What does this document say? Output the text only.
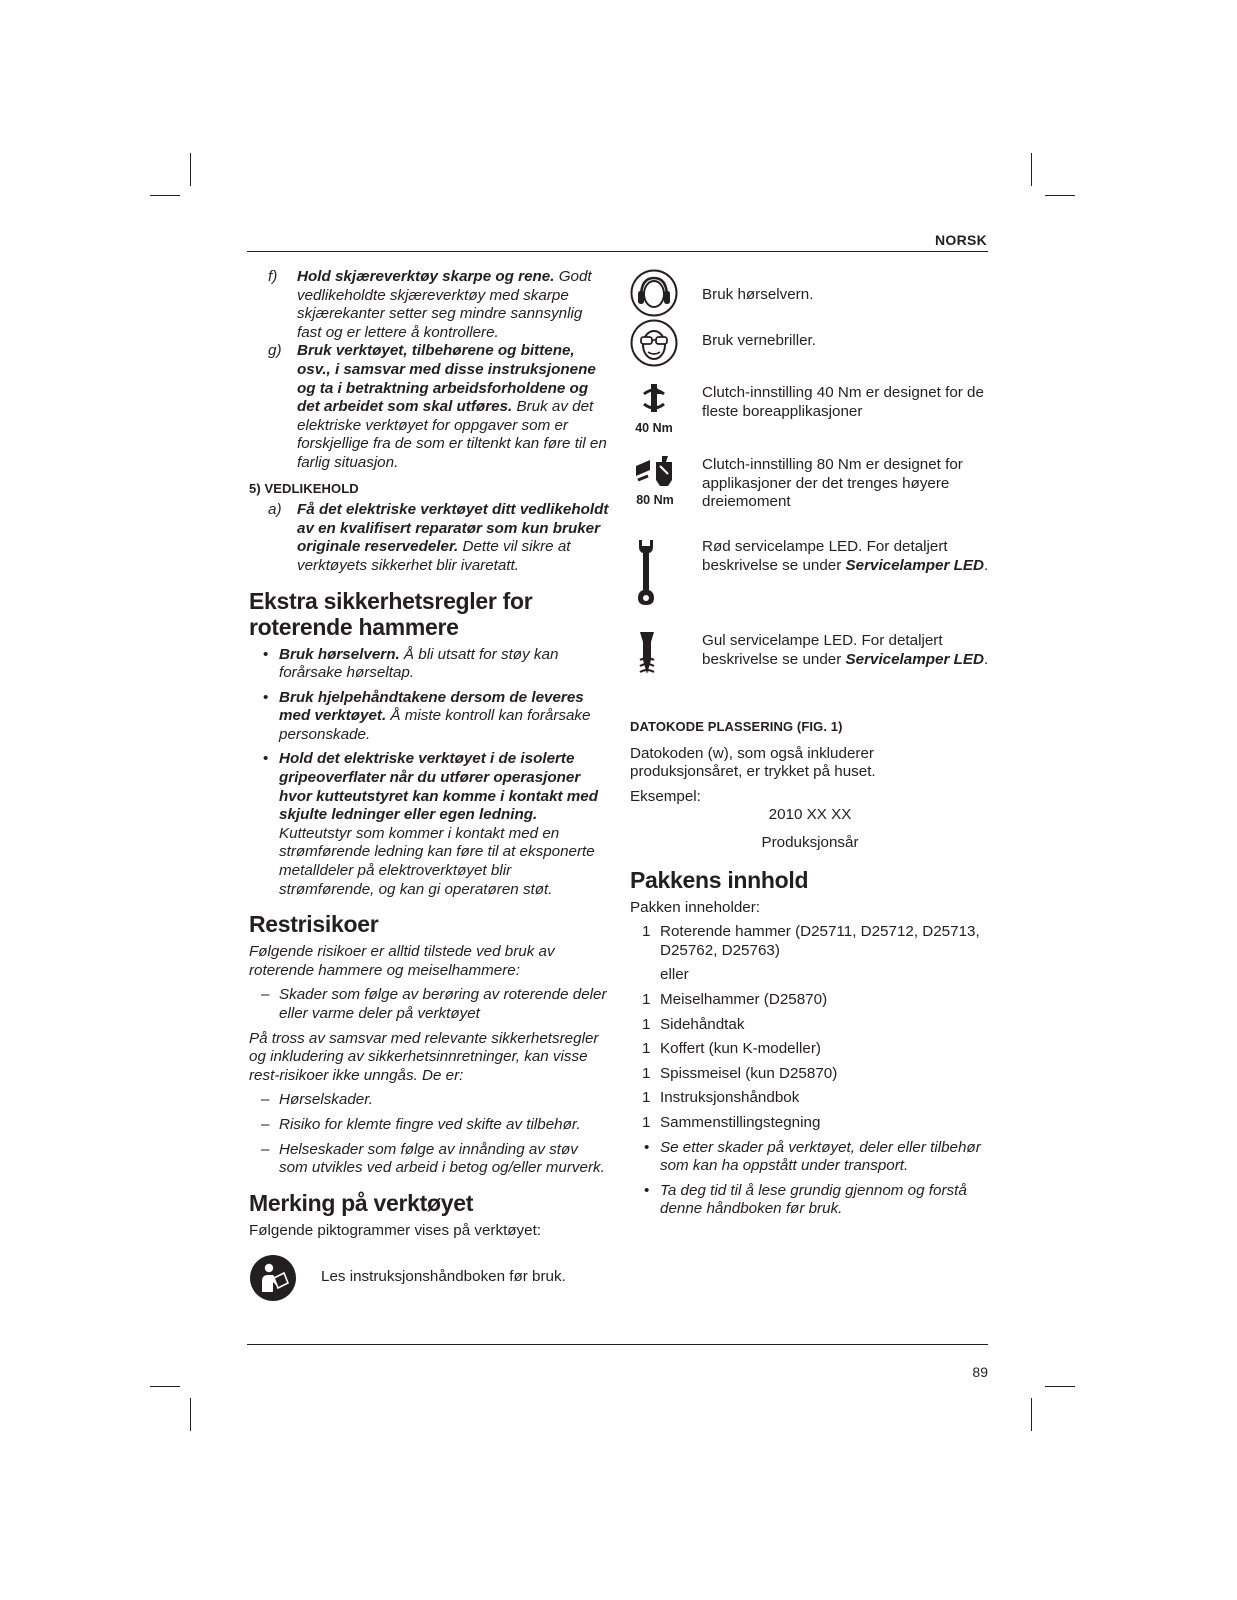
NORSK
89
f) Hold skjæreverktøy skarpe og rene. Godt vedlikeholdte skjæreverktøy med skarpe skjærekanter setter seg mindre sannsynlig fast og er lettere å kontrollere.
g) Bruk verktøyet, tilbehørene og bittene, osv., i samsvar med disse instruksjonene og ta i betraktning arbeidsforholdene og det arbeidet som skal utføres. Bruk av det elektriske verktøyet for oppgaver som er forskjellige fra de som er tiltenkt kan føre til en farlig situasjon.
5) VEDLIKEHOLD
a) Få det elektriske verktøyet ditt vedlikeholdt av en kvalifisert reparatør som kun bruker originale reservedeler. Dette vil sikre at verktøyets sikkerhet blir ivaretatt.
Ekstra sikkerhetsregler for roterende hammere
• Bruk hørselvern. Å bli utsatt for støy kan forårsake hørseltap.
• Bruk hjelpehåndtakene dersom de leveres med verktøyet. Å miste kontroll kan forårsake personskade.
• Hold det elektriske verktøyet i de isolerte gripeoverflater når du utfører operasjoner hvor kutteutstyret kan komme i kontakt med skjulte ledninger eller egen ledning. Kutteutstyr som kommer i kontakt med en strømførende ledning kan føre til at eksponerte metalldeler på elektroverktøyet blir strømførende, og kan gi operatøren støt.
Restrisikoer
Følgende risikoer er alltid tilstede ved bruk av roterende hammere og meiselhammere:
– Skader som følge av berøring av roterende deler eller varme deler på verktøyet
På tross av samsvar med relevante sikkerhetsregler og inkludering av sikkerhetsinnretninger, kan visse rest-risikoer ikke unngås. De er:
– Hørselskader.
– Risiko for klemte fingre ved skifte av tilbehør.
– Helseskader som følge av innånding av støv som utvikles ved arbeid i betog og/eller murverk.
Merking på verktøyet
Følgende piktogrammer vises på verktøyet:
Les instruksjonshåndboken før bruk.
Bruk hørselvern.
Bruk vernebriller.
40 Nm
Clutch-innstilling 40 Nm er designet for de fleste boreapplikasjoner
80 Nm
Clutch-innstilling 80 Nm er designet for applikasjoner der det trenges høyere dreiemoment
Rød servicelampe LED. For detaljert beskrivelse se under Servicelamper LED.
Gul servicelampe LED. For detaljert beskrivelse se under Servicelamper LED.
DATOKODE PLASSERING (FIG. 1)
Datokoden (w), som også inkluderer produksjonsåret, er trykket på huset.
Eksempel:
2010 XX XX
Produksjonsår
Pakkens innhold
Pakken inneholder:
1 Roterende hammer (D25711, D25712, D25713, D25762, D25763)
eller
1 Meiselhammer (D25870)
1 Sidehåndtak
1 Koffert (kun K-modeller)
1 Spissmeisel (kun D25870)
1 Instruksjonshåndbok
1 Sammenstillingstegning
• Se etter skader på verktøyet, deler eller tilbehør som kan ha oppstått under transport.
• Ta deg tid til å lese grundig gjennom og forstå denne håndboken før bruk.
